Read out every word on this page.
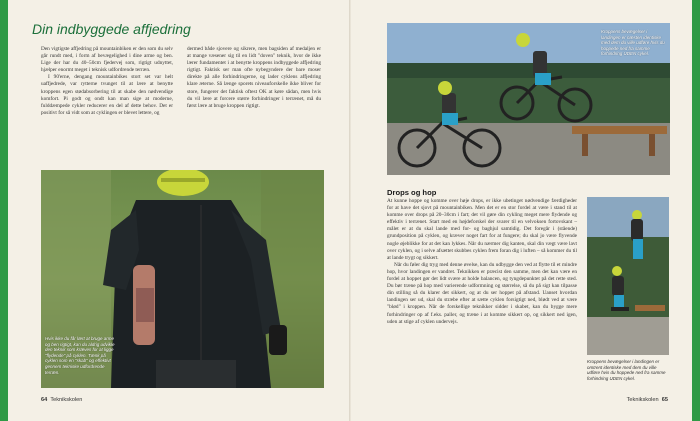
Din indbyggede affjedring

Den vigtigste affjedring på mountainbiken er den som du selv går rundt med, i form af bevægelighed i dine arme og ben. Lige der har du 40–50cm fjedervej som, rigtigt udnyttet, hjælper enormt meget i teknisk udfordrende terræn.

I 90'erne, dengang mountainbikes stort set var helt uaffjedrede, var rytterne tvunget til at lære at benytte kroppens egen stødabsorbering til at skabe den nødvendige komfort. Pi godt og ondt kan man sige at moderne, fulddæmpede cykler reducerer en del af dette behov. Det er positivt for så vidt som at cyklingen er blevet lettere, og

dermed både sjovere og sikrere, men bagsiden af medaljen er at mange væsener sig til en lidt "doven" teknik, hvor de ikke lærer fundamentet i at benytte kroppens indbyggede affjedring rigtigt. Faktisk ser man ofte nybegyndere der bare moser direkte på alle forhindringerne, og lader cyklens affjedring klare æterne. Så længe sporets niveauforskelle ikke bliver for store, fungerer det faktisk oftest OK at køre sådan, men hvis du vil lære at forcere større forhindringer i terrænet, må du først lære at bruge kroppen rigtigt.

Hvis ikke du får lært at bruge arme og ben rigtigt, kan du aldrig udvikle den teknik som kræves for at ligge "flydende" på cyklen. Tænk på cyklen som en "skab" og effektivt gennem tekniske udfordrende terræn.
64 Teknikskolen
Kroppens bevægelser i landingen er næsten identiske med dem du ville udføre hvis du hoppede ned fra samme forhindring UDEN cykel.
Drops og hop

At kunne hoppe og komme over høje drops, er ikke ubetinget nødvendige færdigheder for at have det sjovt på mountainbiken. Men det er en stor fordel at være i stand til at komme over drops på 20–30cm i fart; det vil gøre din cykling meget mere flydende og effektiv i terrænet. Start med en højdeforskel der svarer til en velvoksen fortovskant – målet er at du skal lande med for- og baghjul samtidig. Det foregår i (stående) grundposition på cyklen, og kræver noget fart for at fungere; du skal jo være flyvende nogle øjeblikke for at det kan lykkes. Når du nærmer dig kanten, skal din vægt være lavt over cyklen, og i selve afsættet skubbes cyklen frem foran dig i luften – så kommer du til at lande trygt og sikkert.

Når du føler dig tryg med denne øvelse, kan du udbygge den ved at flytte til et mindre hop, hvor landingen er vandret. Teknikken er præcist den samme, men det kan være en fordel at hoppet gør det lidt svære at holde balancen, og tyngdepunktet på det rette sted. Du bør træne på hop med varierende udformning og størrelse, så du på sigt kan tilpasse din stilling så du klarer det sikkert, og at du ser hoppet på afstand. Uanset hvordan landingen ser ud, skal du stræbe efter at sætte cyklen forsigtigt ned, blødt ved at være "blød" i kroppen. Når de forskellige teknikker sidder i skabet, kan du bygge mere forhindringer op af f.eks. paller, og træne i at komme sikkert op, og sikkert ned igen, uden at stige af cyklen undervejs.

Kroppens bevægelser i landingen er omtrent identiske med dem du ville udføre hvis du hoppede ned fra samme forhindring UDEN cykel.
Teknikskolen 65
